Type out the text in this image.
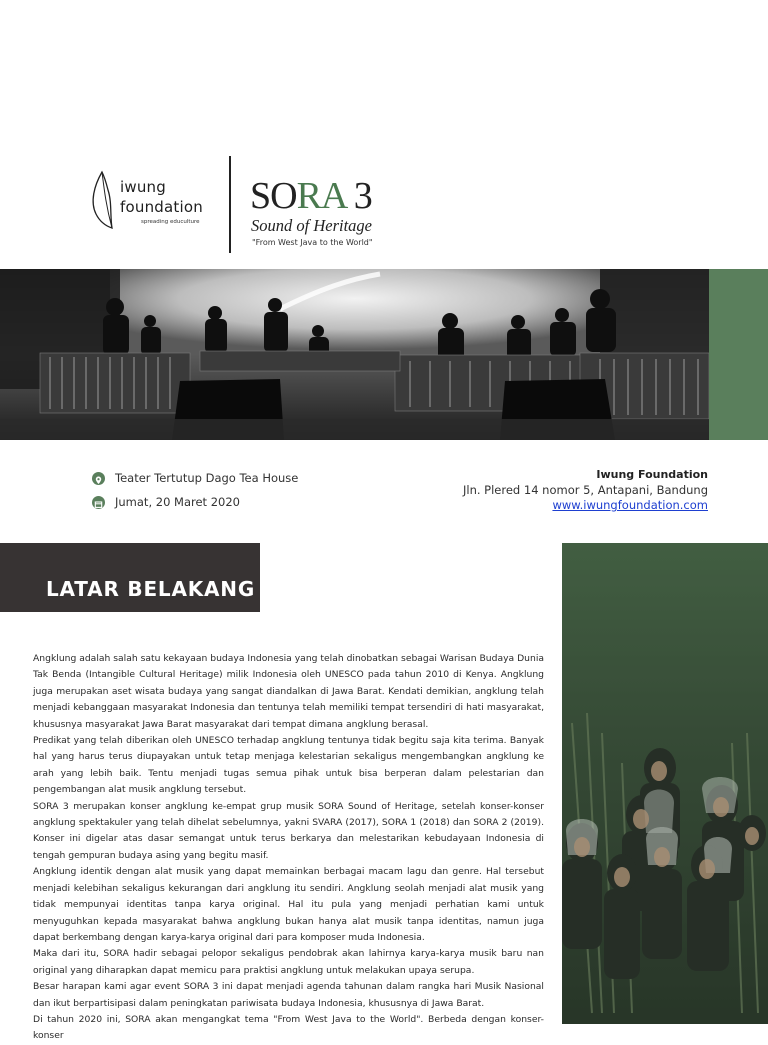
iwung
foundation
spreading educulture
SORA 3
Sound of Heritage
"From West Java to the World"
Teater Tertutup Dago Tea House
Jumat, 20 Maret 2020
Iwung Foundation
Jln. Plered 14 nomor 5, Antapani, Bandung
www.iwungfoundation.com
LATAR BELAKANG

Angklung adalah salah satu kekayaan budaya Indonesia yang telah dinobatkan sebagai Warisan Budaya Dunia Tak Benda (Intangible Cultural Heritage) milik Indonesia oleh UNESCO pada tahun 2010 di Kenya. Angklung juga merupakan aset wisata budaya yang sangat diandalkan di Jawa Barat. Kendati demikian, angklung telah menjadi kebanggaan masyarakat Indonesia dan tentunya telah memiliki tempat tersendiri di hati masyarakat, khususnya masyarakat Jawa Barat masyarakat dari tempat dimana angklung berasal.

Predikat yang telah diberikan oleh UNESCO terhadap angklung tentunya tidak begitu saja kita terima. Banyak hal yang harus terus diupayakan untuk tetap menjaga kelestarian sekaligus mengembangkan angklung ke arah yang lebih baik. Tentu menjadi tugas semua pihak untuk bisa berperan dalam pelestarian dan pengembangan alat musik angklung tersebut.

SORA 3 merupakan konser angklung ke-empat grup musik SORA Sound of Heritage, setelah konser-konser angklung spektakuler yang telah dihelat sebelumnya, yakni SVARA (2017), SORA 1 (2018) dan SORA 2 (2019). Konser ini digelar atas dasar semangat untuk terus berkarya dan melestarikan kebudayaan Indonesia di tengah gempuran budaya asing yang begitu masif.

Angklung identik dengan alat musik yang dapat memainkan berbagai macam lagu dan genre. Hal tersebut menjadi kelebihan sekaligus kekurangan dari angklung itu sendiri. Angklung seolah menjadi alat musik yang tidak mempunyai identitas tanpa karya original. Hal itu pula yang menjadi perhatian kami untuk menyuguhkan kepada masyarakat bahwa angklung bukan hanya alat musik tanpa identitas, namun juga dapat berkembang dengan karya-karya original dari para komposer muda Indonesia.

Maka dari itu, SORA hadir sebagai pelopor sekaligus pendobrak akan lahirnya karya-karya musik baru nan original yang diharapkan dapat memicu para praktisi angklung untuk melakukan upaya serupa.

Besar harapan kami agar event SORA 3 ini dapat menjadi agenda tahunan dalam rangka hari Musik Nasional dan ikut berpartisipasi dalam peningkatan pariwisata budaya Indonesia, khususnya di Jawa Barat.

Di tahun 2020 ini, SORA akan mengangkat tema "From West Java to the World". Berbeda dengan konser-konser
